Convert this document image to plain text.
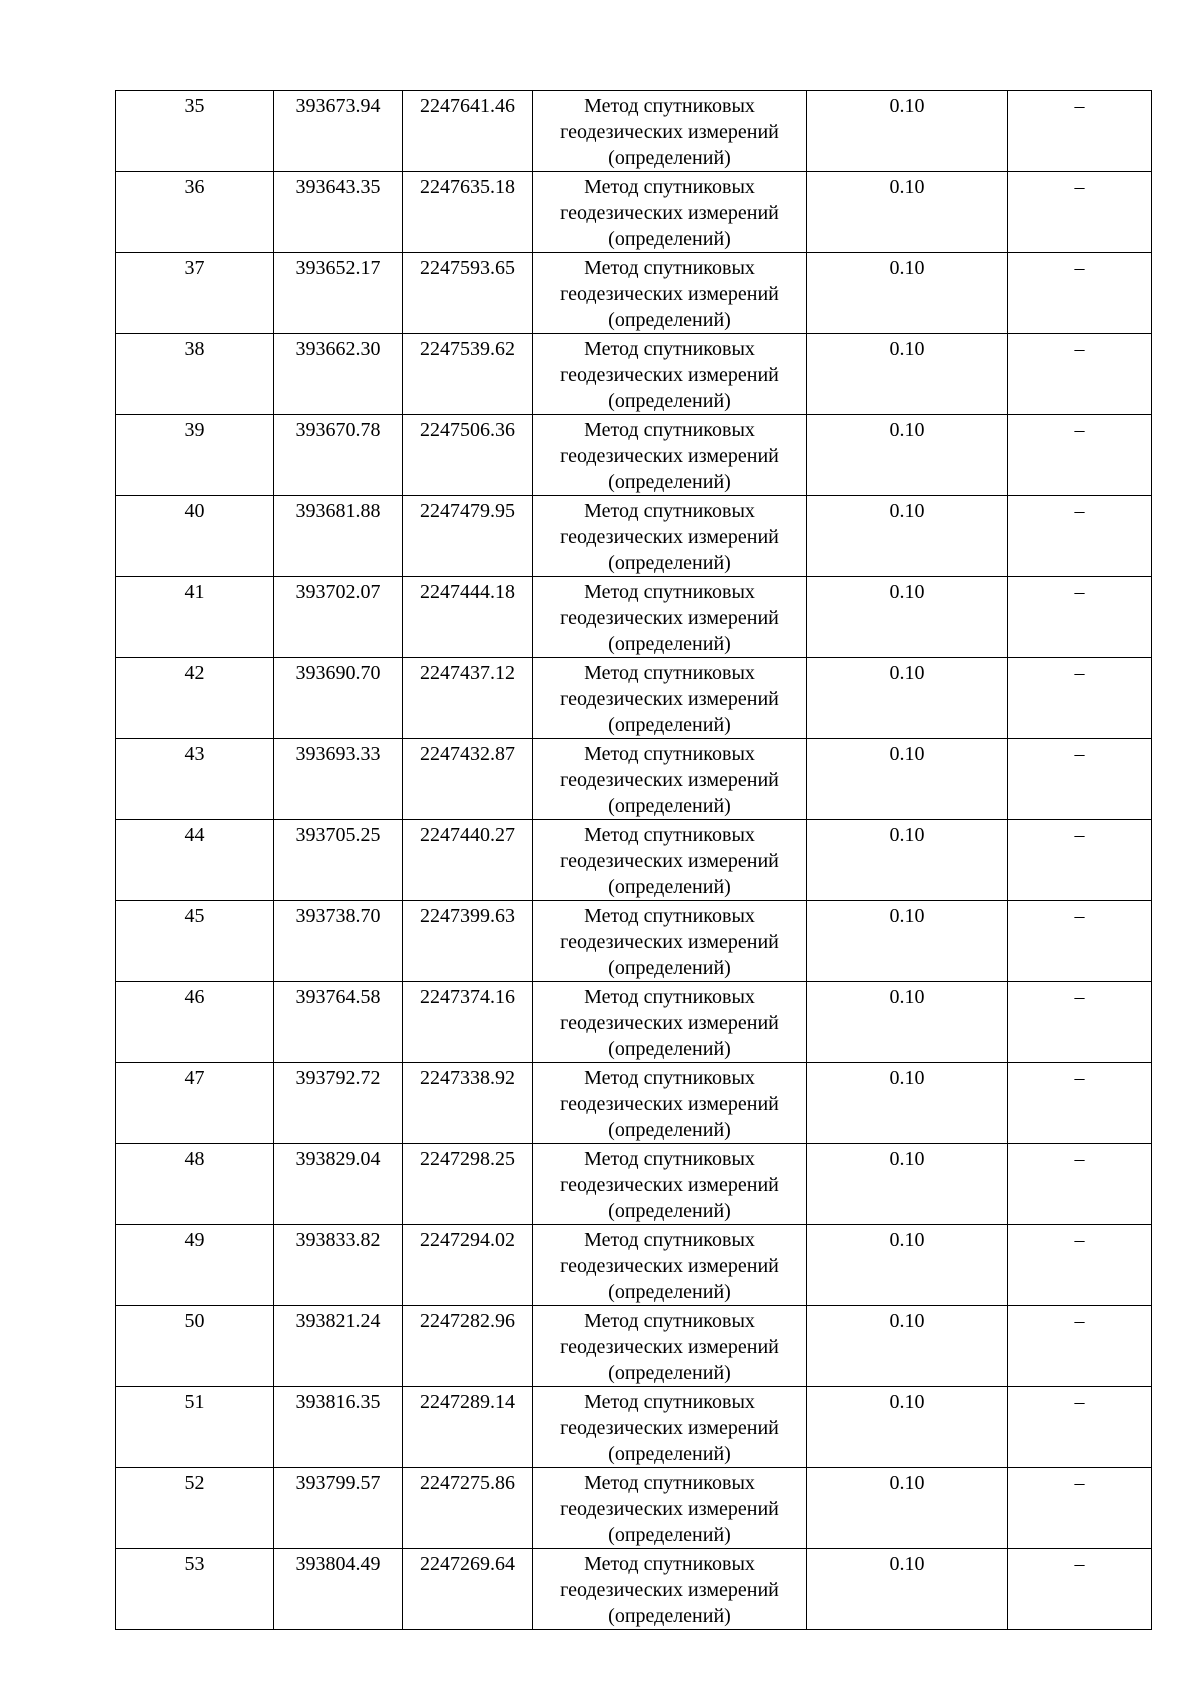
35	393673.94	2247641.46	Метод спутниковых геодезических измерений (определений)	0.10	–
36	393643.35	2247635.18	Метод спутниковых геодезических измерений (определений)	0.10	–
37	393652.17	2247593.65	Метод спутниковых геодезических измерений (определений)	0.10	–
38	393662.30	2247539.62	Метод спутниковых геодезических измерений (определений)	0.10	–
39	393670.78	2247506.36	Метод спутниковых геодезических измерений (определений)	0.10	–
40	393681.88	2247479.95	Метод спутниковых геодезических измерений (определений)	0.10	–
41	393702.07	2247444.18	Метод спутниковых геодезических измерений (определений)	0.10	–
42	393690.70	2247437.12	Метод спутниковых геодезических измерений (определений)	0.10	–
43	393693.33	2247432.87	Метод спутниковых геодезических измерений (определений)	0.10	–
44	393705.25	2247440.27	Метод спутниковых геодезических измерений (определений)	0.10	–
45	393738.70	2247399.63	Метод спутниковых геодезических измерений (определений)	0.10	–
46	393764.58	2247374.16	Метод спутниковых геодезических измерений (определений)	0.10	–
47	393792.72	2247338.92	Метод спутниковых геодезических измерений (определений)	0.10	–
48	393829.04	2247298.25	Метод спутниковых геодезических измерений (определений)	0.10	–
49	393833.82	2247294.02	Метод спутниковых геодезических измерений (определений)	0.10	–
50	393821.24	2247282.96	Метод спутниковых геодезических измерений (определений)	0.10	–
51	393816.35	2247289.14	Метод спутниковых геодезических измерений (определений)	0.10	–
52	393799.57	2247275.86	Метод спутниковых геодезических измерений (определений)	0.10	–
53	393804.49	2247269.64	Метод спутниковых геодезических измерений (определений)	0.10	–
